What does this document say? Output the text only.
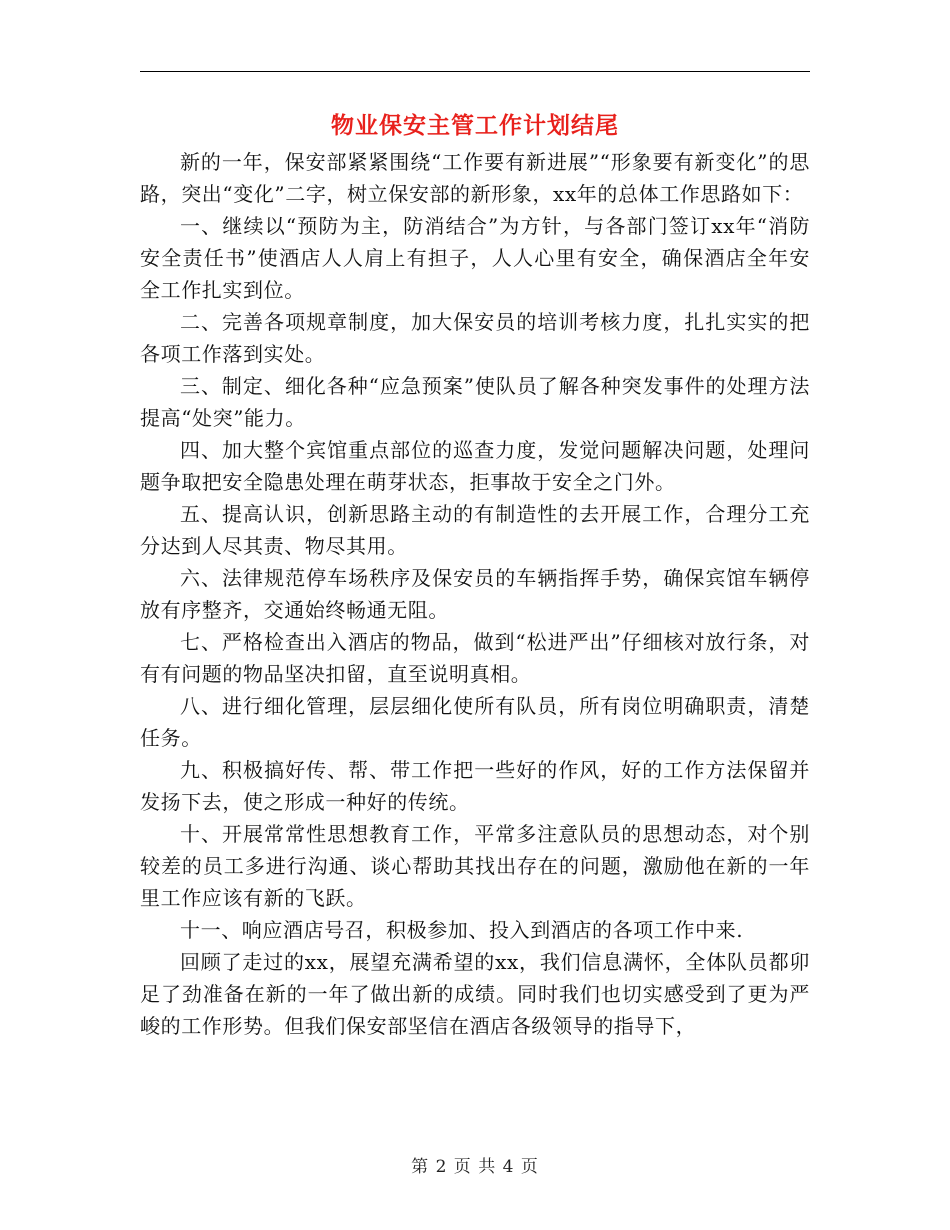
物业保安主管工作计划结尾

新的一年，保安部紧紧围绕“工作要有新进展”“形象要有新变化”的思路，突出“变化”二字，树立保安部的新形象，xx年的总体工作思路如下：

一、继续以“预防为主，防消结合”为方针，与各部门签订xx年“消防安全责任书”使酒店人人肩上有担子，人人心里有安全，确保酒店全年安全工作扎实到位。

二、完善各项规章制度，加大保安员的培训考核力度，扎扎实实的把各项工作落到实处。

三、制定、细化各种“应急预案”使队员了解各种突发事件的处理方法提高“处突”能力。

四、加大整个宾馆重点部位的巡查力度，发觉问题解决问题，处理问题争取把安全隐患处理在萌芽状态，拒事故于安全之门外。

五、提高认识，创新思路主动的有制造性的去开展工作，合理分工充分达到人尽其责、物尽其用。

六、法律规范停车场秩序及保安员的车辆指挥手势，确保宾馆车辆停放有序整齐，交通始终畅通无阻。

七、严格检查出入酒店的物品，做到“松进严出”仔细核对放行条，对有有问题的物品坚决扣留，直至说明真相。

八、进行细化管理，层层细化使所有队员，所有岗位明确职责，清楚任务。

九、积极搞好传、帮、带工作把一些好的作风，好的工作方法保留并发扬下去，使之形成一种好的传统。

十、开展常常性思想教育工作，平常多注意队员的思想动态，对个别较差的员工多进行沟通、谈心帮助其找出存在的问题，激励他在新的一年里工作应该有新的飞跃。

十一、响应酒店号召，积极参加、投入到酒店的各项工作中来.

回顾了走过的xx，展望充满希望的xx，我们信息满怀，全体队员都卯足了劲准备在新的一年了做出新的成绩。同时我们也切实感受到了更为严峻的工作形势。但我们保安部坚信在酒店各级领导的指导下，

第 2 页 共 4 页
